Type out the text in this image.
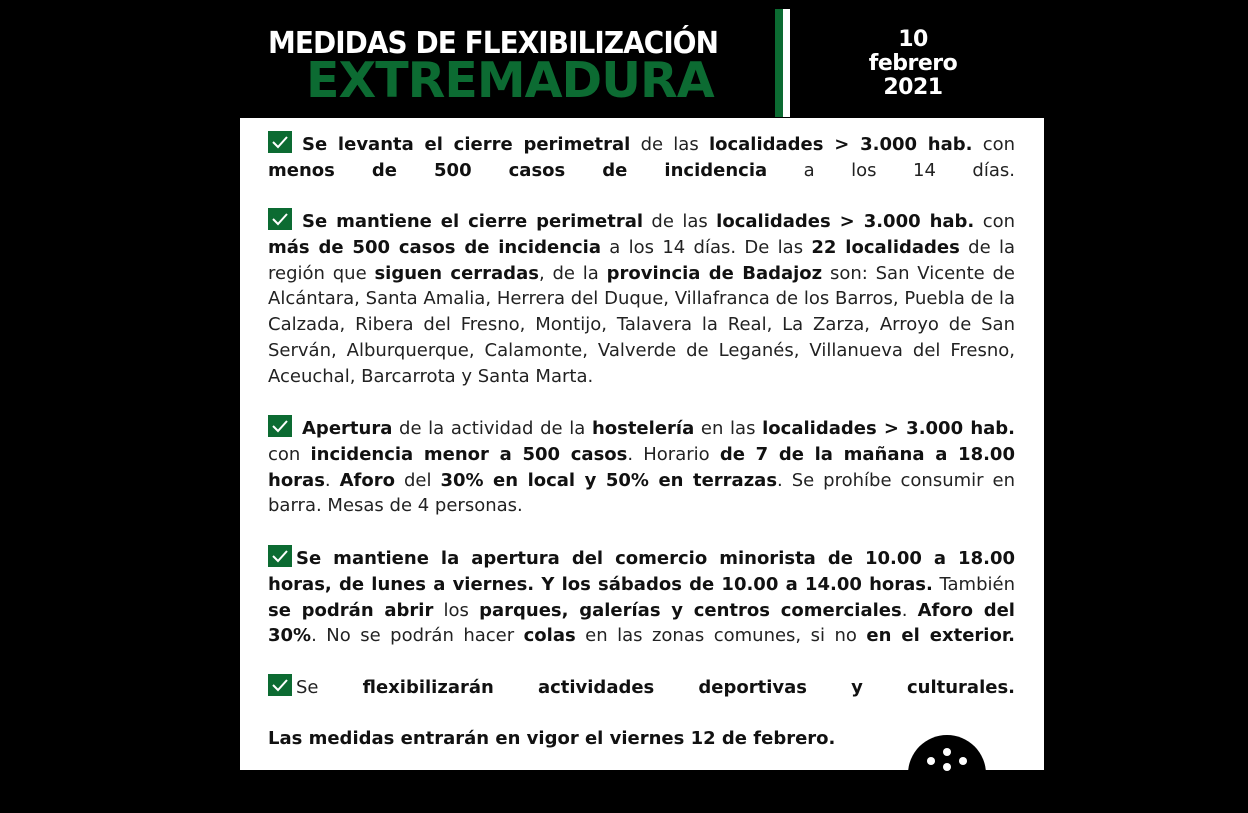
MEDIDAS DE FLEXIBILIZACIÓN
EXTREMADURA
10
febrero
2021

Se levanta el cierre perimetral de las localidades > 3.000 hab. con menos de 500 casos de incidencia a los 14 días.

Se mantiene el cierre perimetral de las localidades > 3.000 hab. con más de 500 casos de incidencia a los 14 días. De las 22 localidades de la región que siguen cerradas, de la provincia de Badajoz son: San Vicente de Alcántara, Santa Amalia, Herrera del Duque, Villafranca de los Barros, Puebla de la Calzada, Ribera del Fresno, Montijo, Talavera la Real, La Zarza, Arroyo de San Serván, Alburquerque, Calamonte, Valverde de Leganés, Villanueva del Fresno, Aceuchal, Barcarrota y Santa Marta.

Apertura de la actividad de la hostelería en las localidades > 3.000 hab. con incidencia menor a 500 casos. Horario de 7 de la mañana a 18.00 horas. Aforo del 30% en local y 50% en terrazas. Se prohíbe consumir en barra. Mesas de 4 personas.

Se mantiene la apertura del comercio minorista de 10.00 a 18.00 horas, de lunes a viernes. Y los sábados de 10.00 a 14.00 horas. También se podrán abrir los parques, galerías y centros comerciales. Aforo del 30%. No se podrán hacer colas en las zonas comunes, si no en el exterior.

Se flexibilizarán actividades deportivas y culturales.

Las medidas entrarán en vigor el viernes 12 de febrero.
